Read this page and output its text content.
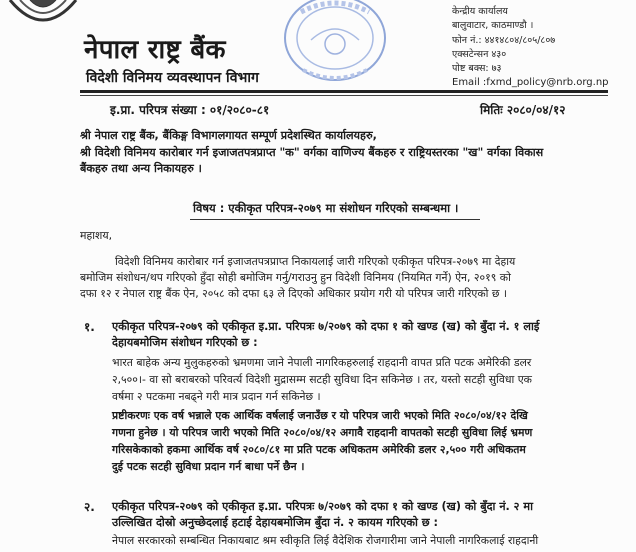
नेपाल राष्ट्र बैंक
विदेशी विनिमय व्यवस्थापन विभाग
केन्द्रीय कार्यालय
बालुवाटार, काठमाण्डौ ।
फोन नं.: ४४१४८०४/८०५/८०७
एक्सटेन्सन ४३०
पोष्ट बक्स: ७३
Email :fxmd_policy@nrb.org.np
इ.प्रा. परिपत्र संख्या : ०१/२०८०-८१	मितिः २०८०/०४/१२
श्री नेपाल राष्ट्र बैंक, बैंकिङ्ग विभागलगायत सम्पूर्ण प्रदेशस्थित कार्यालयहरु,
श्री विदेशी विनिमय कारोबार गर्न इजाजतपत्रप्राप्त "क" वर्गका वाणिज्य बैंकहरु र राष्ट्रियस्तरका "ख" वर्गका विकास
बैंकहरु तथा अन्य निकायहरु ।
विषय : एकीकृत परिपत्र-२०७९ मा संशोधन गरिएको सम्बन्धमा ।
महाशय,
विदेशी विनिमय कारोबार गर्न इजाजतपत्रप्राप्त निकायलाई जारी गरिएको एकीकृत परिपत्र-२०७९ मा देहाय
बमोजिम संशोधन/थप गरिएको हुँदा सोही बमोजिम गर्नु/गराउनु हुन विदेशी विनिमय (नियमित गर्ने) ऐन, २०१९ को
दफा १२ र नेपाल राष्ट्र बैंक ऐन, २०५८ को दफा ६३ ले दिएको अधिकार प्रयोग गरी यो परिपत्र जारी गरिएको छ ।
१. एकीकृत परिपत्र-२०७९ को एकीकृत इ.प्रा. परिपत्रः ७/२०७९ को दफा १ को खण्ड (ख) को बुँदा नं. १ लाई
देहायबमोजिम संशोधन गरिएको छ :
भारत बाहेक अन्य मुलुकहरुको भ्रमणमा जाने नेपाली नागरिकहरुलाई राहदानी वापत प्रति पटक अमेरिकी डलर
२,५००।- वा सो बराबरको परिवर्त्य विदेशी मुद्रासम्म सटही सुविधा दिन सकिनेछ । तर, यस्तो सटही सुविधा एक
वर्षमा २ पटकमा नबढ्ने गरी मात्र प्रदान गर्न सकिनेछ ।
प्रष्टीकरणः एक वर्ष भन्नाले एक आर्थिक वर्षलाई जनाउँछ र यो परिपत्र जारी भएको मिति २०८०/०४/१२ देखि
गणना हुनेछ । यो परिपत्र जारी भएको मिति २०८०/०४/१२ अगावै राहदानी वापतको सटही सुविधा लिई भ्रमण
गरिसकेकाको हकमा आर्थिक वर्ष २०८०/८१ मा प्रति पटक अधिकतम अमेरिकी डलर २,५०० गरी अधिकतम
दुई पटक सटही सुविधा प्रदान गर्न बाधा पर्ने छैन ।
२. एकीकृत परिपत्र-२०७९ को एकीकृत इ.प्रा. परिपत्रः ७/२०७९ को दफा १ को खण्ड (ख) को बुँदा नं. २ मा
उल्लिखित दोस्रो अनुच्छेदलाई हटाई देहायबमोजिम बुँदा नं. २ कायम गरिएको छ :
नेपाल सरकारको सम्बन्धित निकायबाट श्रम स्वीकृति लिई वैदेशिक रोजगारीमा जाने नेपाली नागरिकलाई राहदानी
